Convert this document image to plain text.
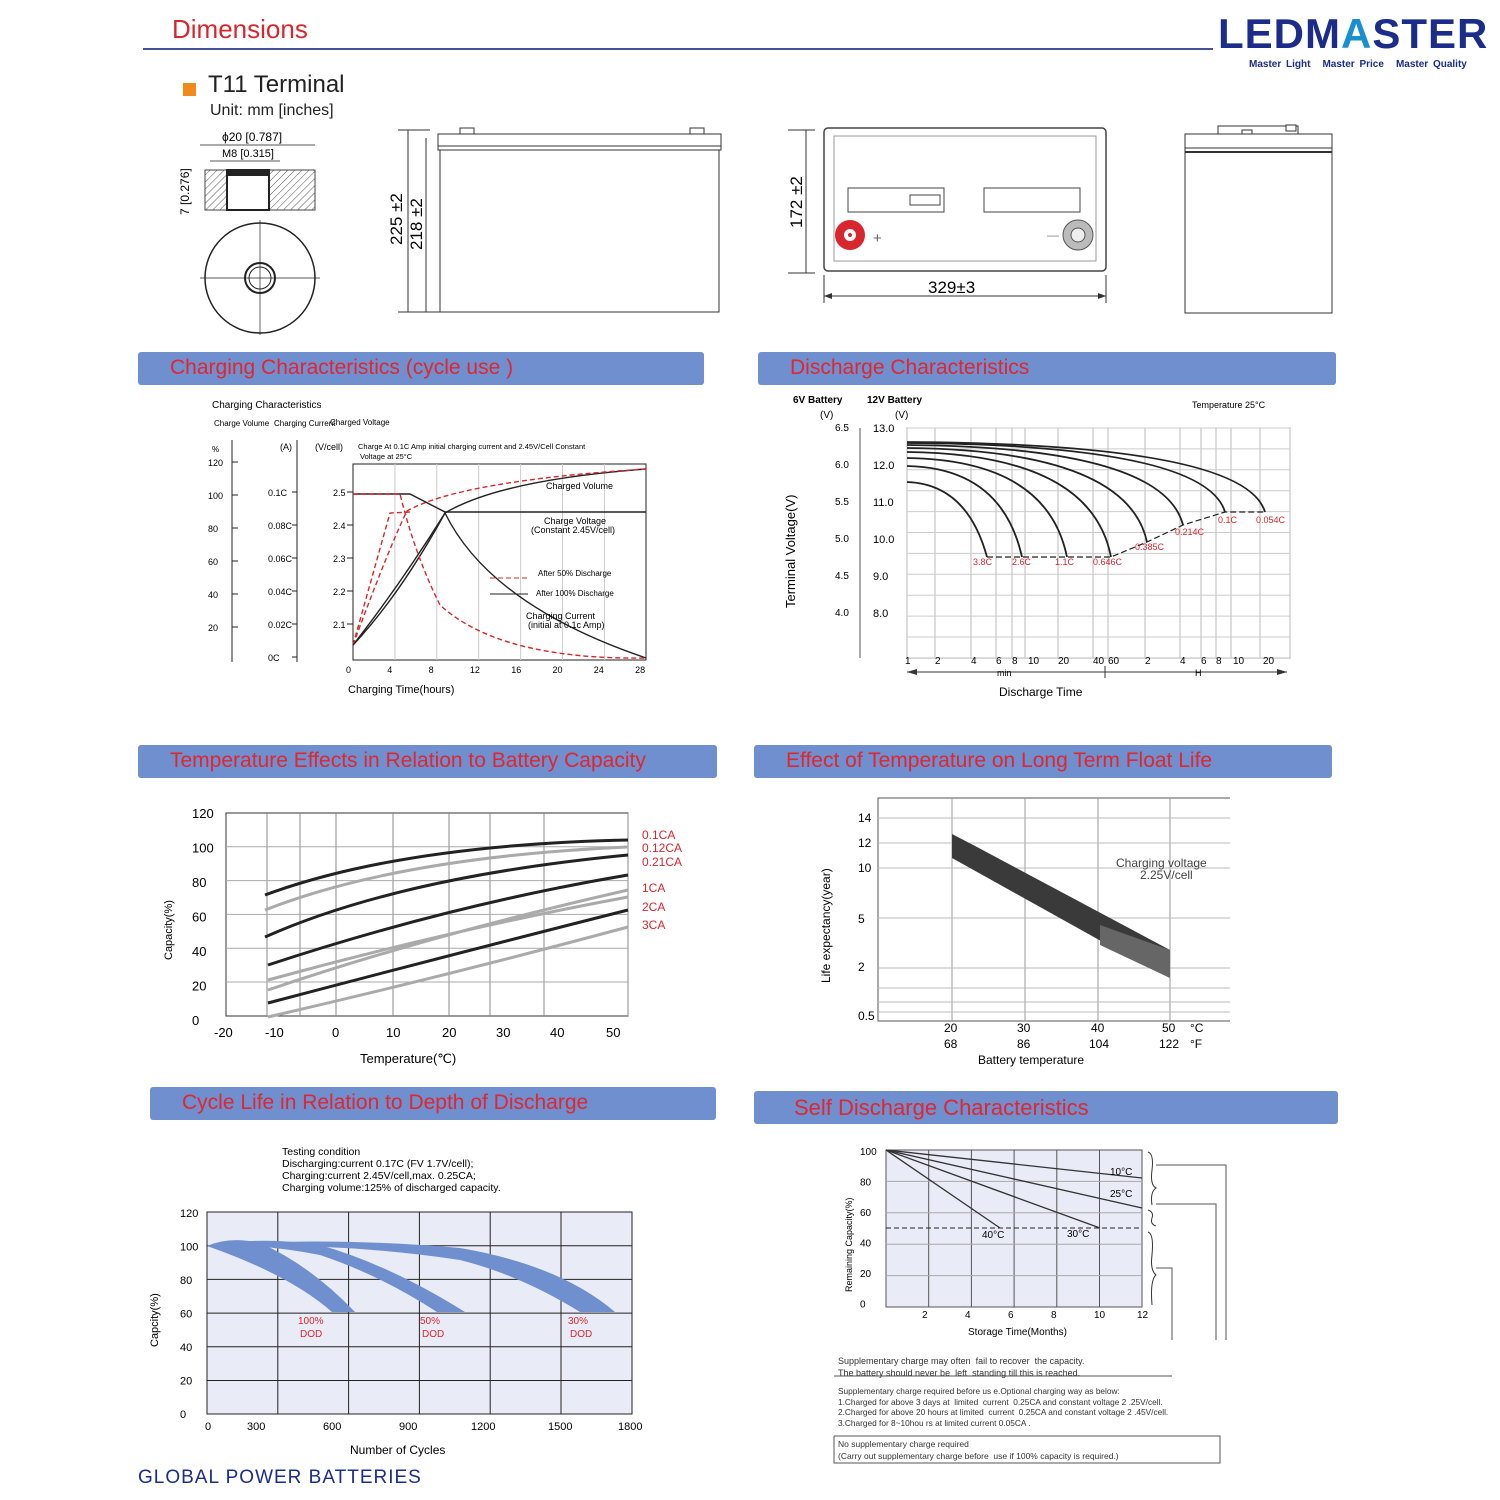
Dimensions	LEDMASTER
Master Light Master Price Master Quality
T11 Terminal
Unit: mm [inches]
ϕ20 [0.787]
M8 [0.315]
7 [0.276]
225 ±2 218 ±2	172 ±2
+	—
329±3
Charging Characteristics (cycle use )	Discharge Characteristics
Temperature Effects in Relation to Battery Capacity	Effect of Temperature on Long Term Float Life
Cycle Life in Relation to Depth of Discharge	Self Discharge Characteristics
Charging Characteristics
Charge Volume Charging Current
Charged Voltage
%	(A)	(V/cell) Charge At 0.1C Amp initial charging current and 2.45V/Cell Constant
Voltage at 25°C
120
100
80
60
40
20
0.1C
0.08C
0.06C
0.04C
0.02C
0C
2.5
2.4
2.3
2.2
2.1
0	4	8	12	16	20	24	28
Charging Time(hours)
Charged Volume
Charge Voltage
(Constant 2.45V/cell)
After 50% Discharge
After 100% Discharge
Charging Current
(initial at 0.1c Amp)
6V Battery 12V Battery
(V)	(V)
Temperature 25°C
Terminal Voltage(V)
6.5 13.0
6.0 12.0
5.5 11.0
5.0 10.0
4.5 9.0
4.0 8.0
3.8C 2.6C	1.1C 0.646C
0.385C
0.214C
0.1C 0.054C
1 2	4 6 8 10 20 40 60	2	4 6 8 10 20
min	H
Discharge Time
120
100
80
60
40
20
0
-20 -10	0	10	20	30	40	50
0.1CA
0.12CA
0.21CA
1CA
2CA
3CA
Capacity(%)
Temperature(℃)
14
12
10
5
2
0.5
20	30	40	50
68	86	104	122
°C
°F
Charging voltage
2.25V/cell
Life expectancy(year)
Battery temperature
Testing condition
Discharging:current 0.17C (FV 1.7V/cell);
Charging:current 2.45V/cell,max. 0.25CA;
Charging volume:125% of discharged capacity.
120
100
80
60
40
20
0
0	300	600	900	1200	1500	1800
100%
DOD
50%
DOD
30%
DOD
Capcity(%)
Number of Cycles
100
80
60
40
20
0
2	4	6	8	10	12
10°C
25°C
40°C	30°C
Remaining Capacity(%)
Storage Time(Months)
Supplementary charge may often  fail to recover  the capacity.
The battery should never be  left  standing till this is reached.
Supplementary charge required before us e.Optional charging way as below:
1.Charged for above 3 days at  limited  current  0.25CA and constant voltage 2 .25V/cell.
2.Charged for above 20 hours at limited  current  0.25CA and constant voltage 2 .45V/cell.
3.Charged for 8~10hou rs at limited current 0.05CA .
No supplementary charge required
(Carry out supplementary charge before  use if 100% capacity is required.)
GLOBAL POWER BATTERIES
